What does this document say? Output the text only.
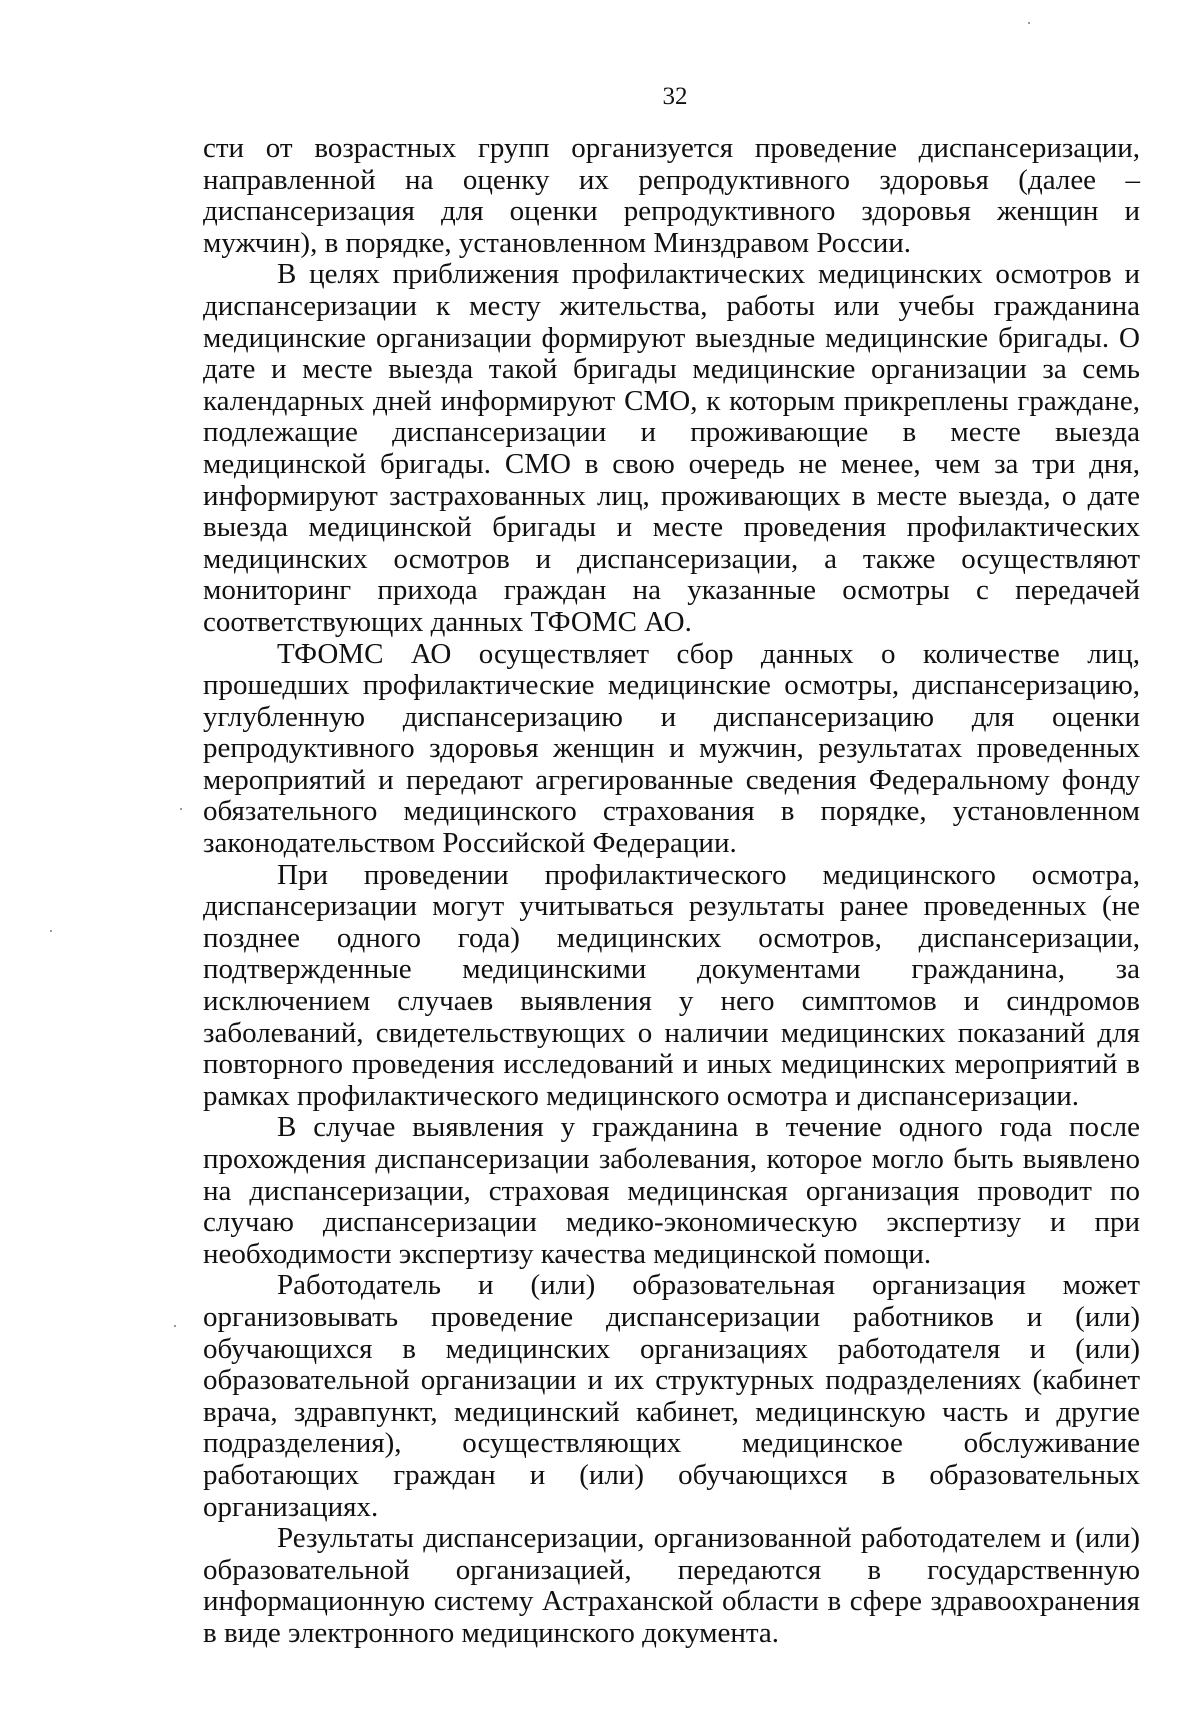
32

сти от возрастных групп организуется проведение диспансеризации, направленной на оценку их репродуктивного здоровья (далее – диспансеризация для оценки репродуктивного здоровья женщин и мужчин), в порядке, установленном Минздравом России.

В целях приближения профилактических медицинских осмотров и диспансеризации к месту жительства, работы или учебы гражданина медицинские организации формируют выездные медицинские бригады. О дате и месте выезда такой бригады медицинские организации за семь календарных дней информируют СМО, к которым прикреплены граждане, подлежащие диспансеризации и проживающие в месте выезда медицинской бригады. СМО в свою очередь не менее, чем за три дня, информируют застрахованных лиц, проживающих в месте выезда, о дате выезда медицинской бригады и месте проведения профилактических медицинских осмотров и диспансеризации, а также осуществляют мониторинг прихода граждан на указанные осмотры с передачей соответствующих данных ТФОМС АО.

ТФОМС АО осуществляет сбор данных о количестве лиц, прошедших профилактические медицинские осмотры, диспансеризацию, углубленную диспансеризацию и диспансеризацию для оценки репродуктивного здоровья женщин и мужчин, результатах проведенных мероприятий и передают агрегированные сведения Федеральному фонду обязательного медицинского страхования в порядке, установленном законодательством Российской Федерации.

При проведении профилактического медицинского осмотра, диспансеризации могут учитываться результаты ранее проведенных (не позднее одного года) медицинских осмотров, диспансеризации, подтвержденные медицинскими документами гражданина, за исключением случаев выявления у него симптомов и синдромов заболеваний, свидетельствующих о наличии медицинских показаний для повторного проведения исследований и иных медицинских мероприятий в рамках профилактического медицинского осмотра и диспансеризации.

В случае выявления у гражданина в течение одного года после прохождения диспансеризации заболевания, которое могло быть выявлено на диспансеризации, страховая медицинская организация проводит по случаю диспансеризации медико-экономическую экспертизу и при необходимости экспертизу качества медицинской помощи.

Работодатель и (или) образовательная организация может организовывать проведение диспансеризации работников и (или) обучающихся в медицинских организациях работодателя и (или) образовательной организации и их структурных подразделениях (кабинет врача, здравпункт, медицинский кабинет, медицинскую часть и другие подразделения), осуществляющих медицинское обслуживание работающих граждан и (или) обучающихся в образовательных организациях.

Результаты диспансеризации, организованной работодателем и (или) образовательной организацией, передаются в государственную информационную систему Астраханской области в сфере здравоохранения в виде электронного медицинского документа.
